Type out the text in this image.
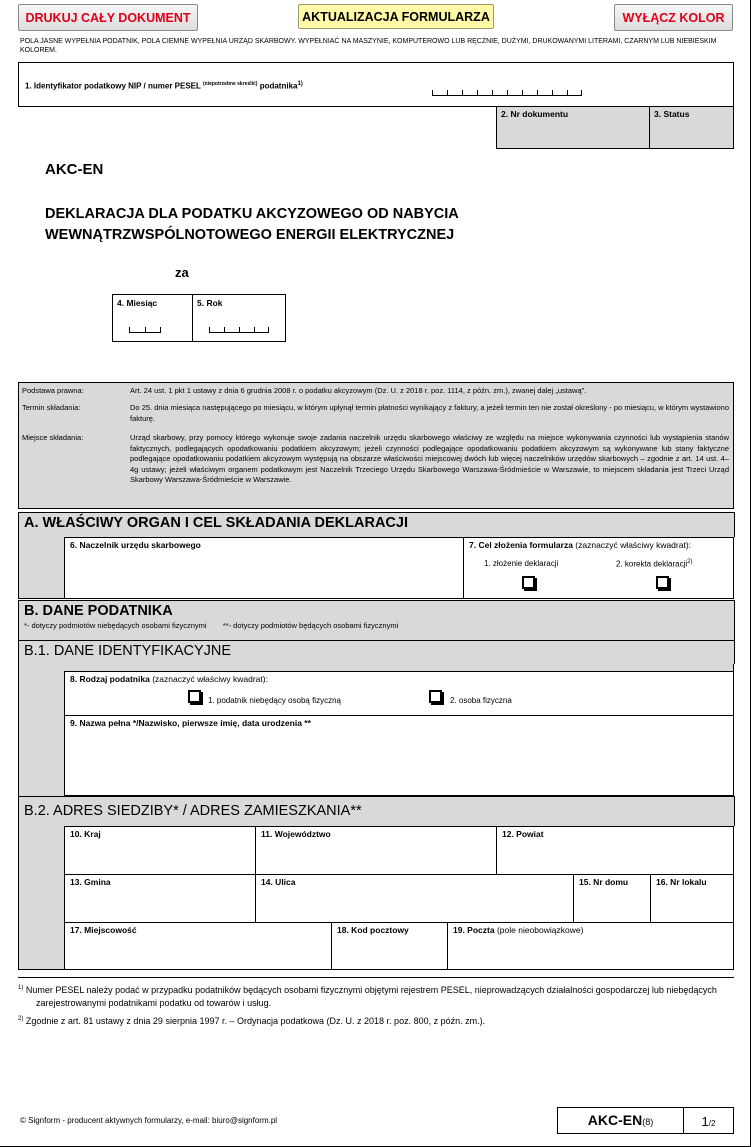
DRUKUJ CAŁY DOKUMENT	AKTUALIZACJA FORMULARZA	WYŁĄCZ KOLOR
POLA JASNE WYPEŁNIA PODATNIK, POLA CIEMNE WYPEŁNIA URZĄD SKARBOWY. WYPEŁNIAĆ NA MASZYNIE, KOMPUTEROWO LUB RĘCZNIE, DUŻYMI, DRUKOWANYMI LITERAMI, CZARNYM LUB NIEBIESKIM KOLOREM.
1. Identyfikator podatkowy NIP / numer PESEL $^{(niepotrzebne skreślić)}$ podatnika$^{1)}$
2. Nr dokumentu	3. Status
AKC-EN
DEKLARACJA DLA PODATKU AKCYZOWEGO OD NABYCIA
WEWNĄTRZWSPÓLNOTOWEGO ENERGII ELEKTRYCZNEJ
za
4. Miesiąc	5. Rok
Podstawa prawna:	Art. 24 ust. 1 pkt 1 ustawy z dnia 6 grudnia 2008 r. o podatku akcyzowym (Dz. U. z 2018 r. poz. 1114, z późn. zm.), zwanej dalej „ustawą”.
Termin składania:	Do 25. dnia miesiąca następującego po miesiącu, w którym upłynął termin płatności wynikający z faktury, a jeżeli termin ten nie został określony - po miesiącu, w którym wystawiono fakturę.
Miejsce składania:	Urząd skarbowy, przy pomocy którego wykonuje swoje zadania naczelnik urzędu skarbowego właściwy ze względu na miejsce wykonywania czynności lub wystąpienia stanów faktycznych, podlegających opodatkowaniu podatkiem akcyzowym; jeżeli czynności podlegające opodatkowaniu podatkiem akcyzowym są wykonywane lub stany faktyczne podlegające opodatkowaniu podatkiem akcyzowym występują na obszarze właściwości miejscowej dwóch lub więcej naczelników urzędów skarbowych – zgodnie z art. 14 ust. 4–4g ustawy; jeżeli właściwym organem podatkowym jest Naczelnik Trzeciego Urzędu Skarbowego Warszawa-Śródmieście w Warszawie, to miejscem składania jest Trzeci Urząd Skarbowy Warszawa-Śródmieście w Warszawie.
A. WŁAŚCIWY ORGAN I CEL SKŁADANIA DEKLARACJI
6. Naczelnik urzędu skarbowego	7. Cel złożenia formularza (zaznaczyć właściwy kwadrat):
1. złożenie deklaracji	2. korekta deklaracji$^{2)}$
B. DANE PODATNIKA
*- dotyczy podmiotów niebędących osobami fizycznymi **- dotyczy podmiotów będących osobami fizycznymi
B.1. DANE IDENTYFIKACYJNE
8. Rodzaj podatnika (zaznaczyć właściwy kwadrat):
1. podatnik niebędący osobą fizyczną	2. osoba fizyczna
9. Nazwa pełna */Nazwisko, pierwsze imię, data urodzenia **
B.2. ADRES SIEDZIBY* / ADRES ZAMIESZKANIA**
10. Kraj	11. Województwo	12. Powiat
13. Gmina	14. Ulica	15. Nr domu	16. Nr lokalu
17. Miejscowość	18. Kod pocztowy	19. Poczta (pole nieobowiązkowe)
$^{1)}$ Numer PESEL należy podać w przypadku podatników będących osobami fizycznymi objętymi rejestrem PESEL, nieprowadzących działalności gospodarczej lub niebędących zarejestrowanymi podatnikami podatku od towarów i usług.
$^{2)}$ Zgodnie z art. 81 ustawy z dnia 29 sierpnia 1997 r. – Ordynacja podatkowa (Dz. U. z 2018 r. poz. 800, z późn. zm.).
© Signform - producent aktywnych formularzy, e-mail: biuro@signform.pl	AKC-EN(8)	1/2
